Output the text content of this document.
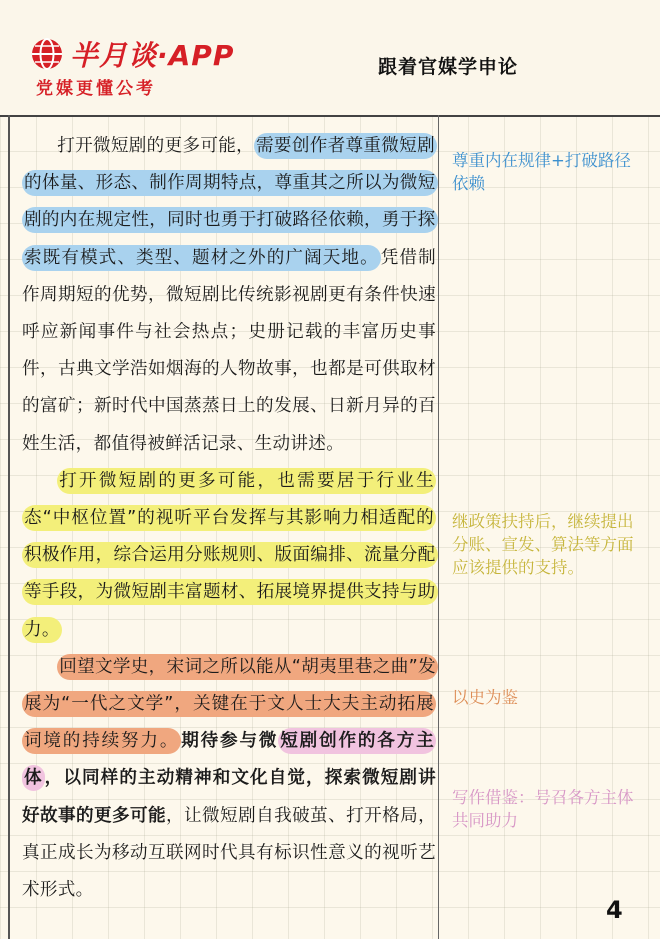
半月谈·APP
党媒更懂公考
跟着官媒学申论

打开微短剧的更多可能， 需要创作者尊重微短剧的体量、形态、制作周期特点，尊重其之所以为微短剧的内在规定性，同时也勇于打破路径依赖，勇于探索既有模式、类型、题材之外的广阔天地。 凭借制作周期短的优势，微短剧比传统影视剧更有条件快速呼应新闻事件与社会热点；史册记载的丰富历史事件，古典文学浩如烟海的人物故事，也都是可供取材的富矿；新时代中国蒸蒸日上的发展、日新月异的百姓生活，都值得被鲜活记录、生动讲述。

打开微短剧的更多可能，也需要居于行业生态“中枢位置”的视听平台发挥与其影响力相适配的积极作用，综合运用分账规则、版面编排、流量分配等手段，为微短剧丰富题材、拓展境界提供支持与助力。

回望文学史，宋词之所以能从“胡夷里巷之曲”发展为“一代之文学”，关键在于文人士大夫主动拓展词境的持续努力。 期待参与微 短剧创作的各方主体 ，以同样的主动精神和文化自觉，探索微短剧讲好故事的更多可能，让微短剧自我破茧、打开格局，真正成长为移动互联网时代具有标识性意义的视听艺术形式。

尊重内在规律+打破路径依赖
继政策扶持后，继续提出分账、宣发、算法等方面应该提供的支持。
以史为鉴
写作借鉴：号召各方主体共同助力
4
